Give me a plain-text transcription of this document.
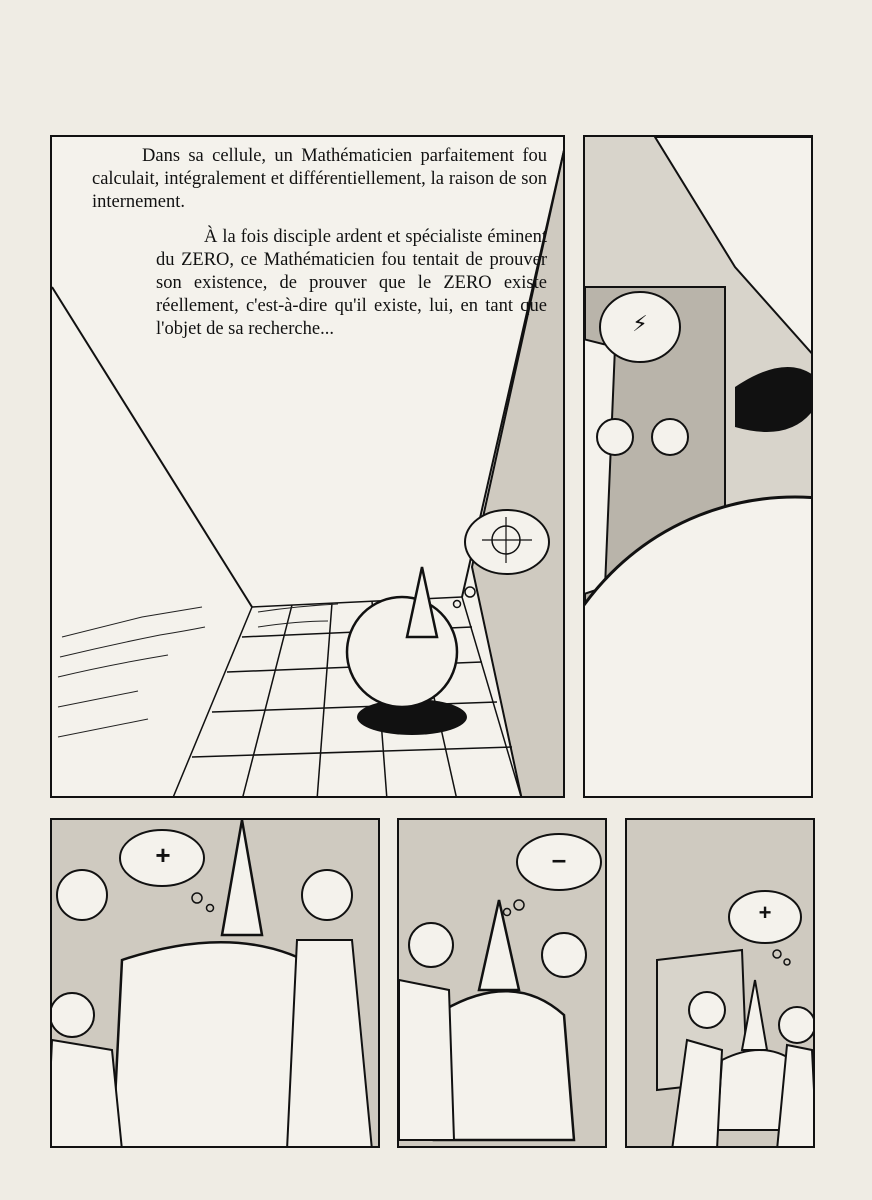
Dans sa cellule, un Mathématicien parfaitement fou calculait, intégralement et différentiellement, la raison de son internement.

À la fois disciple ardent et spécialiste éminent du ZERO, ce Mathématicien fou tentait de prouver son existence, de prouver que le ZERO existe réellement, c'est-à-dire qu'il existe, lui, en tant que l'objet de sa recherche...	⚡
+	–
+
